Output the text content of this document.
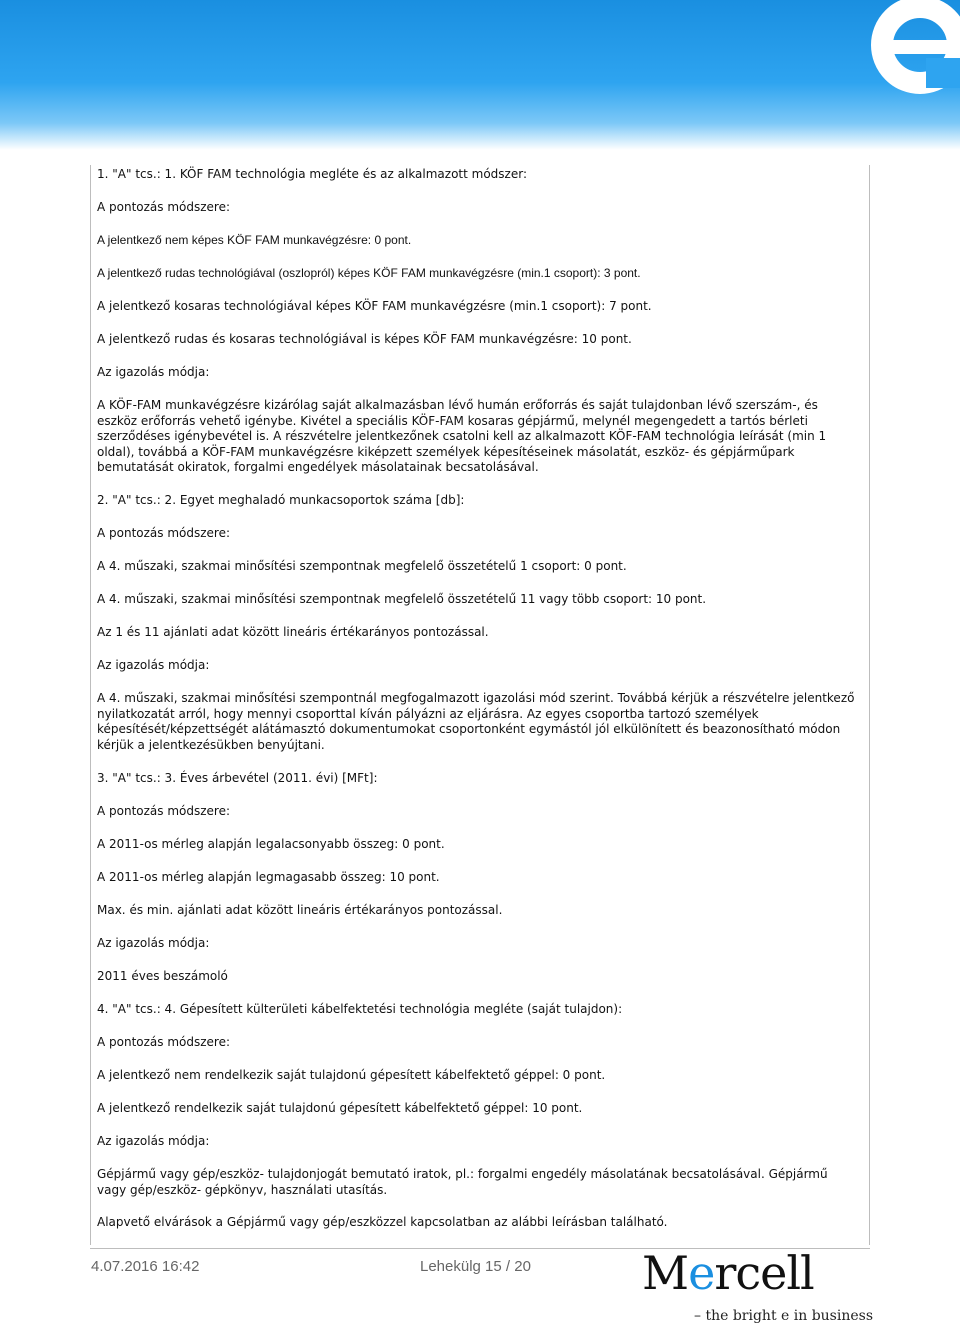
1. "A" tcs.: 1. KÖF FAM technológia megléte és az alkalmazott módszer:

A pontozás módszere:

A jelentkező nem képes KÖF FAM munkavégzésre: 0 pont.

A jelentkező rudas technológiával (oszlopról) képes KÖF FAM munkavégzésre (min.1 csoport): 3 pont.

A jelentkező kosaras technológiával képes KÖF FAM munkavégzésre (min.1 csoport): 7 pont.

A jelentkező rudas és kosaras technológiával is képes KÖF FAM munkavégzésre: 10 pont.

Az igazolás módja:

A KÖF-FAM munkavégzésre kizárólag saját alkalmazásban lévő humán erőforrás és saját tulajdonban lévő szerszám-, és eszköz erőforrás vehető igénybe. Kivétel a speciális KÖF-FAM kosaras gépjármű, melynél megengedett a tartós bérleti szerződéses igénybevétel is. A részvételre jelentkezőnek csatolni kell az alkalmazott KÖF-FAM technológia leírását (min 1 oldal), továbbá a KÖF-FAM munkavégzésre kiképzett személyek képesítéseinek másolatát, eszköz- és gépjárműpark bemutatását okiratok, forgalmi engedélyek másolatainak becsatolásával.

2. "A" tcs.: 2. Egyet meghaladó munkacsoportok száma [db]:

A pontozás módszere:

A 4. műszaki, szakmai minősítési szempontnak megfelelő összetételű 1 csoport: 0 pont.

A 4. műszaki, szakmai minősítési szempontnak megfelelő összetételű 11 vagy több csoport: 10 pont.

Az 1 és 11 ajánlati adat között lineáris értékarányos pontozással.

Az igazolás módja:

A 4. műszaki, szakmai minősítési szempontnál megfogalmazott igazolási mód szerint. Továbbá kérjük a részvételre jelentkező nyilatkozatát arról, hogy mennyi csoporttal kíván pályázni az eljárásra. Az egyes csoportba tartozó személyek képesítését/képzettségét alátámasztó dokumentumokat csoportonként egymástól jól elkülönített és beazonosítható módon kérjük a jelentkezésükben benyújtani.

3. "A" tcs.: 3. Éves árbevétel (2011. évi) [MFt]:

A pontozás módszere:

A 2011-os mérleg alapján legalacsonyabb összeg: 0 pont.

A 2011-os mérleg alapján legmagasabb összeg: 10 pont.

Max. és min. ajánlati adat között lineáris értékarányos pontozással.

Az igazolás módja:

2011 éves beszámoló

4. "A" tcs.: 4. Gépesített külterületi kábelfektetési technológia megléte (saját tulajdon):

A pontozás módszere:

A jelentkező nem rendelkezik saját tulajdonú gépesített kábelfektető géppel: 0 pont.

A jelentkező rendelkezik saját tulajdonú gépesített kábelfektető géppel: 10 pont.

Az igazolás módja:

Gépjármű vagy gép/eszköz- tulajdonjogát bemutató iratok, pl.: forgalmi engedély másolatának becsatolásával. Gépjármű vagy gép/eszköz- gépkönyv, használati utasítás.

Alapvető elvárások a Gépjármű vagy gép/eszközzel kapcsolatban az alábbi leírásban található.

4.07.2016 16:42	Lehekülg 15 / 20 Mercell
– the bright e in business
